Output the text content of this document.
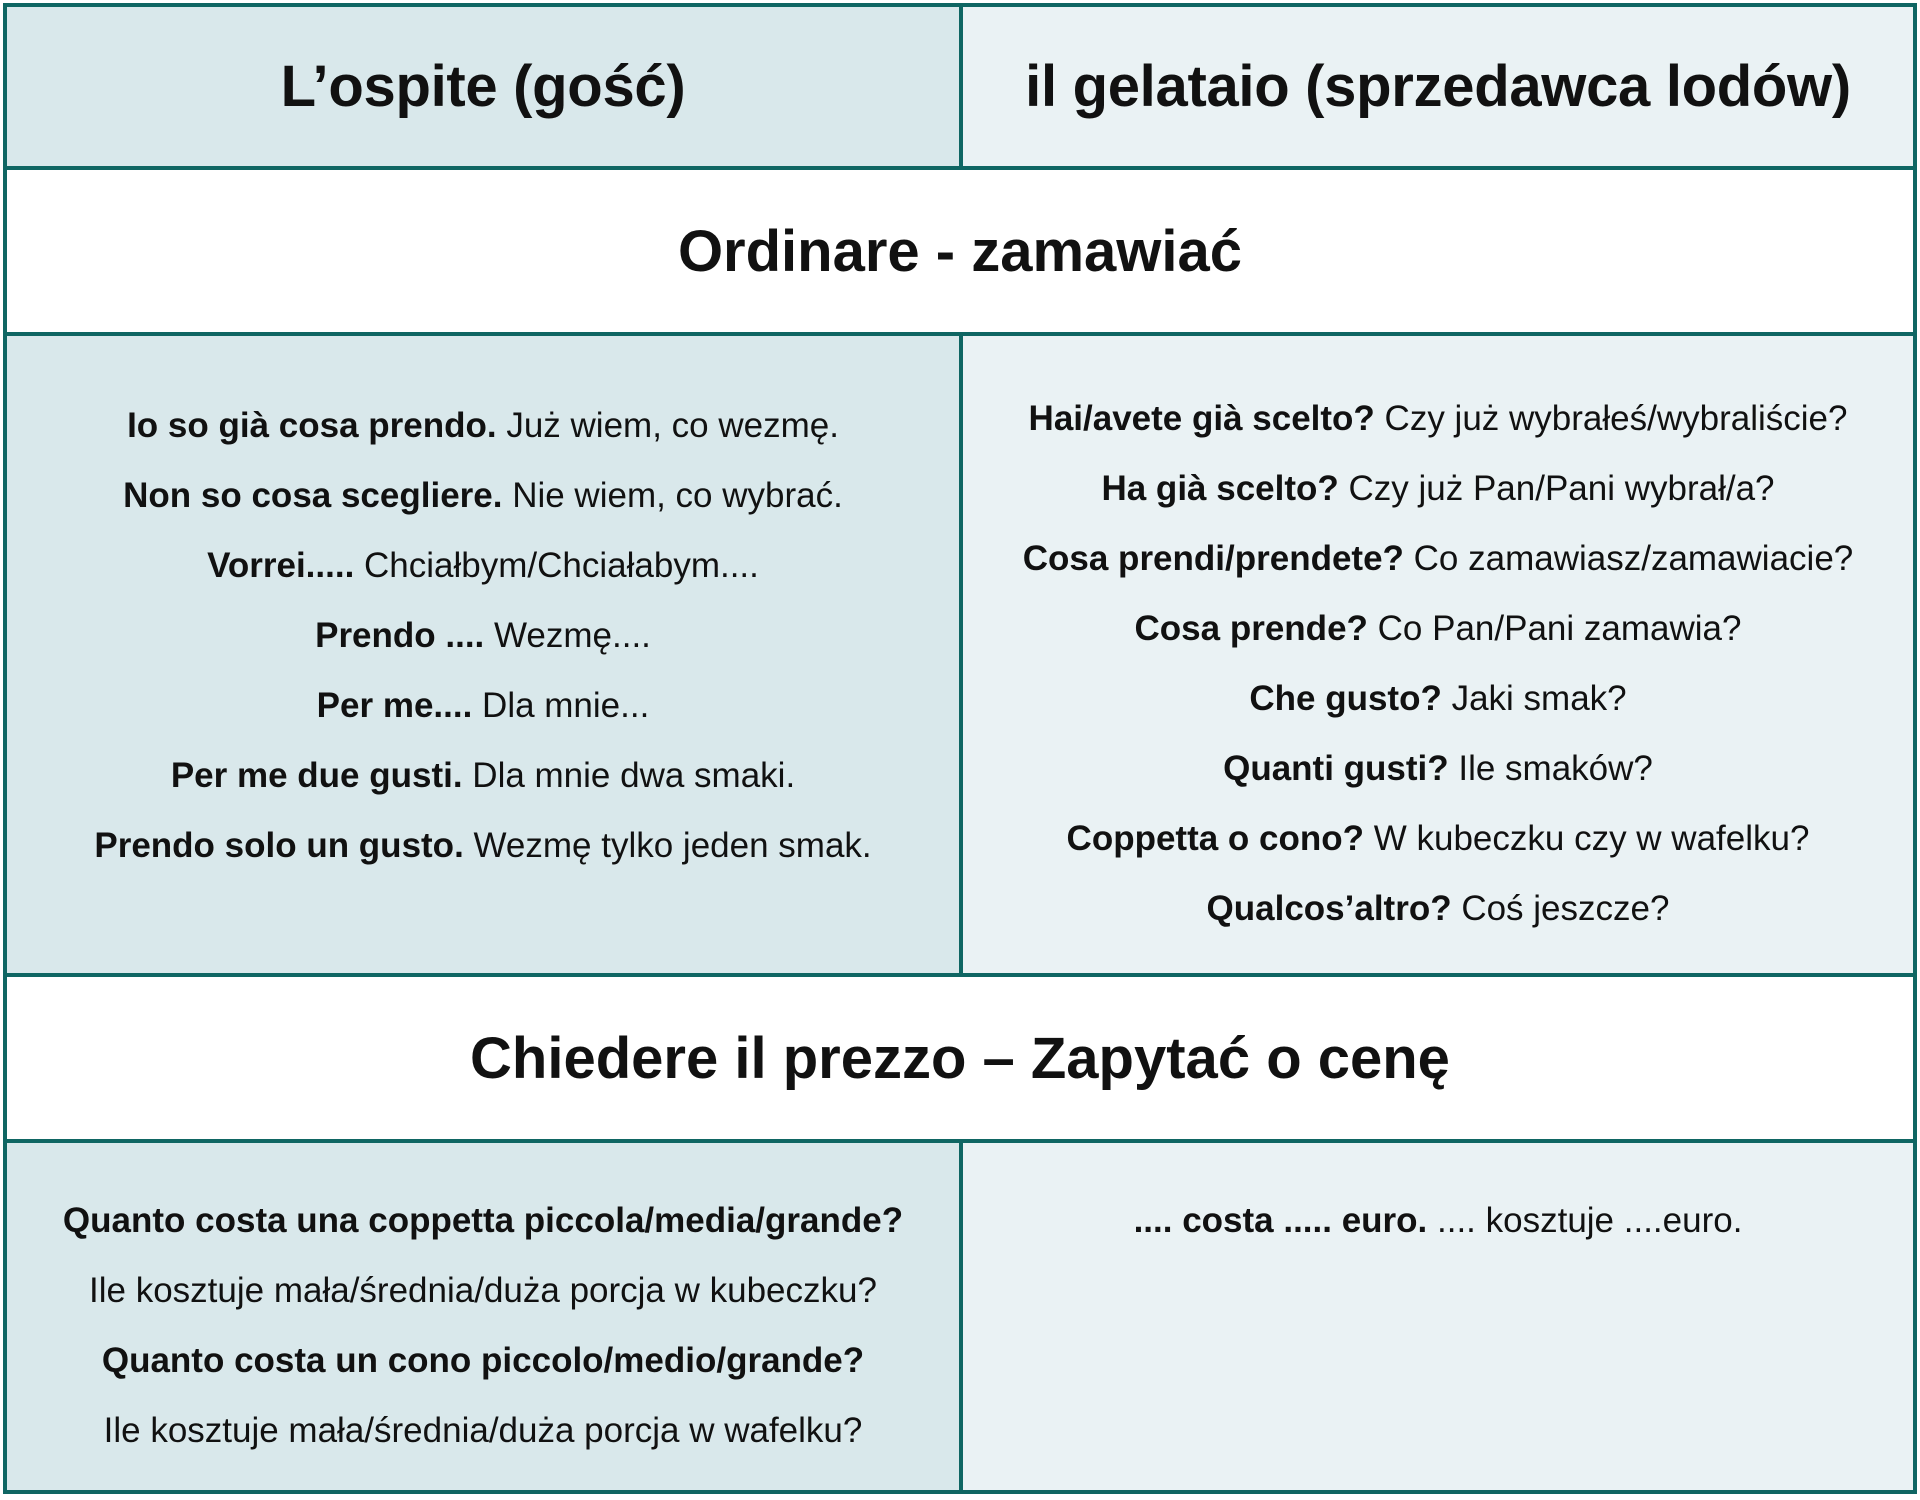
L’ospite (gość)	il gelataio (sprzedawca lodów)
Ordinare - zamawiać
Io so già cosa prendo. Już wiem, co wezmę.
Non so cosa scegliere. Nie wiem, co wybrać.
Vorrei..... Chciałbym/Chciałabym....
Prendo .... Wezmę....
Per me.... Dla mnie...
Per me due gusti. Dla mnie dwa smaki.
Prendo solo un gusto. Wezmę tylko jeden smak.
Hai/avete già scelto? Czy już wybrałeś/wybraliście?
Ha già scelto? Czy już Pan/Pani wybrał/a?
Cosa prendi/prendete? Co zamawiasz/zamawiacie?
Cosa prende? Co Pan/Pani zamawia?
Che gusto? Jaki smak?
Quanti gusti? Ile smaków?
Coppetta o cono? W kubeczku czy w wafelku?
Qualcos’altro? Coś jeszcze?
Chiedere il prezzo – Zapytać o cenę
Quanto costa una coppetta piccola/media/grande?
Ile kosztuje mała/średnia/duża porcja w kubeczku?
Quanto costa un cono piccolo/medio/grande?
Ile kosztuje mała/średnia/duża porcja w wafelku?
.... costa ..... euro. .... kosztuje ....euro.
